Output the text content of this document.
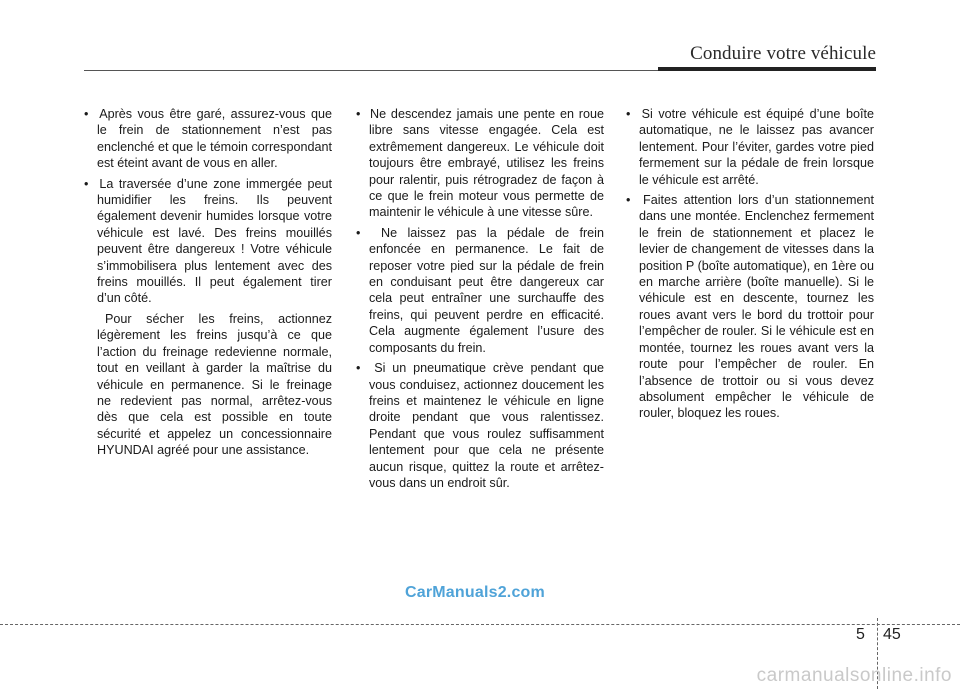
Conduire votre véhicule

•  Après vous être garé, assurez-vous que le frein de stationnement n’est pas enclenché et que le témoin correspondant est éteint avant de vous en aller.

•  La traversée d’une zone immergée peut humidifier les freins. Ils peuvent également devenir humides lorsque votre véhicule est lavé. Des freins mouillés peuvent être dangereux ! Votre véhicule s’immobilisera plus lentement avec des freins mouillés. Il peut également tirer d’un côté.

Pour sécher les freins, actionnez légèrement les freins jusqu’à ce que l’action du freinage redevienne normale, tout en veillant à garder la maîtrise du véhicule en permanence. Si le freinage ne redevient pas normal, arrêtez-vous dès que cela est possible en toute sécurité et appelez un concessionnaire HYUNDAI agréé pour une assistance.

•  Ne descendez jamais une pente en roue libre sans vitesse engagée. Cela est extrêmement dangereux. Le véhicule doit toujours être embrayé, utilisez les freins pour ralentir, puis rétrogradez de façon à ce que le frein moteur vous permette de maintenir le véhicule à une vitesse sûre.

•  Ne laissez pas la pédale de frein enfoncée en permanence. Le fait de reposer votre pied sur la pédale de frein en conduisant peut être dangereux car cela peut entraîner une surchauffe des freins, qui peuvent perdre en efficacité. Cela augmente également l’usure des composants du frein.

•  Si un pneumatique crève pendant que vous conduisez, actionnez doucement les freins et maintenez le véhicule en ligne droite pendant que vous ralentissez. Pendant que vous roulez suffisamment lentement pour que cela ne présente aucun risque, quittez la route et arrêtez-vous dans un endroit sûr.

•  Si votre véhicule est équipé d’une boîte automatique, ne le laissez pas avancer lentement. Pour l’éviter, gardes votre pied fermement sur la pédale de frein lorsque le véhicule est arrêté.

•  Faites attention lors d’un stationnement dans une montée. Enclenchez fermement le frein de stationnement et placez le levier de changement de vitesses dans la position P (boîte automatique), en 1ère ou en marche arrière (boîte manuelle). Si le véhicule est en descente, tournez les roues avant vers le bord du trottoir pour l’empêcher de rouler. Si le véhicule est en montée, tournez les roues avant vers la route pour l’empêcher de rouler. En l’absence de trottoir ou si vous devez absolument empêcher le véhicule de rouler, bloquez les roues.

CarManuals2.com
5 45
carmanualsonline.info
